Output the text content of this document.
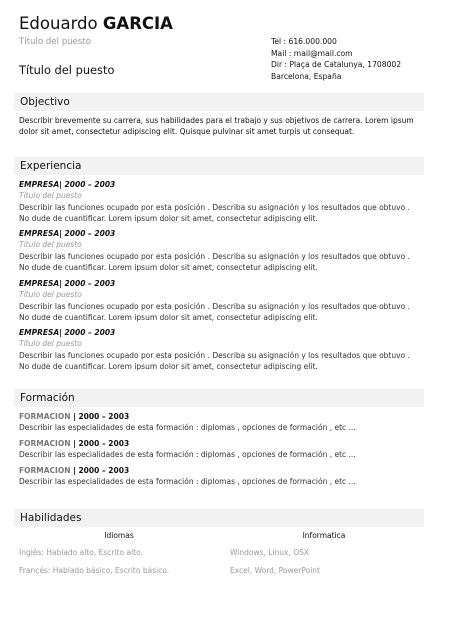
Edouardo GARCIA
Título del puesto
Título del puesto
Tel : 616.000.000
Mail : mail@mail.com
Dir : Plaça de Catalunya, 1708002
Barcelona, España
Objectivo
Describir brevemente su carrera, sus habilidades para el trabajo y sus objetivos de carrera. Lorem ipsum dolor sit amet, consectetur adipiscing elit. Quisque pulvinar sit amet turpis ut consequat.
Experiencia
EMPRESA| 2000 – 2003
Título del puesto
Describir las funciones ocupado por esta posición . Describa su asignación y los resultados que obtuvo . No dude de cuantificar. Lorem ipsum dolor sit amet, consectetur adipiscing elit.
EMPRESA| 2000 – 2003
Título del puesto
Describir las funciones ocupado por esta posición . Describa su asignación y los resultados que obtuvo . No dude de cuantificar. Lorem ipsum dolor sit amet, consectetur adipiscing elit.
EMPRESA| 2000 – 2003
Título del puesto
Describir las funciones ocupado por esta posición . Describa su asignación y los resultados que obtuvo . No dude de cuantificar. Lorem ipsum dolor sit amet, consectetur adipiscing elit.
EMPRESA| 2000 – 2003
Título del puesto
Describir las funciones ocupado por esta posición . Describa su asignación y los resultados que obtuvo . No dude de cuantificar. Lorem ipsum dolor sit amet, consectetur adipiscing elit.
Formación
FORMACION | 2000 – 2003
Describir las especialidades de esta formación : diplomas , opciones de formación , etc ...
FORMACION | 2000 – 2003
Describir las especialidades de esta formación : diplomas , opciones de formación , etc ...
FORMACION | 2000 – 2003
Describir las especialidades de esta formación : diplomas , opciones de formación , etc ...
Habilidades
Idiomas	Informatica
Inglés: Hablado alto, Escrito alto.	Windows, Linux, OSX
Francés: Hablado básico, Escrito básico.	Excel, Word, PowerPoint
